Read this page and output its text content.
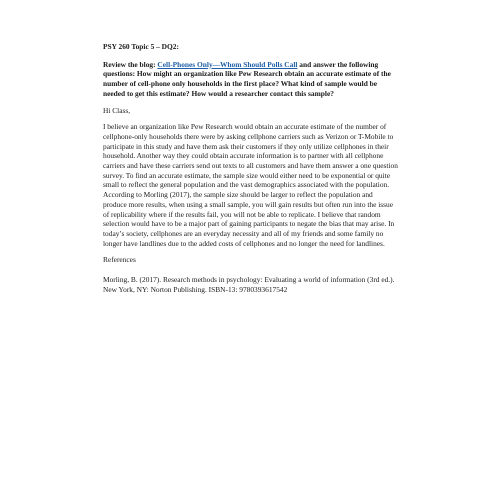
PSY 260 Topic 5 – DQ2:

Review the blog: Cell-Phones Only—Whom Should Polls Call and answer the following questions: How might an organization like Pew Research obtain an accurate estimate of the number of cell-phone only households in the first place? What kind of sample would be needed to get this estimate? How would a researcher contact this sample?

Hi Class,

I believe an organization like Pew Research would obtain an accurate estimate of the number of cellphone-only households there were by asking cellphone carriers such as Verizon or T-Mobile to participate in this study and have them ask their customers if they only utilize cellphones in their household. Another way they could obtain accurate information is to partner with all cellphone carriers and have these carriers send out texts to all customers and have them answer a one question survey. To find an accurate estimate, the sample size would either need to be exponential or quite small to reflect the general population and the vast demographics associated with the population. According to Morling (2017), the sample size should be larger to reflect the population and produce more results, when using a small sample, you will gain results but often run into the issue of replicability where if the results fail, you will not be able to replicate. I believe that random selection would have to be a major part of gaining participants to negate the bias that may arise. In today’s society, cellphones are an everyday necessity and all of my friends and some family no longer have landlines due to the added costs of cellphones and no longer the need for landlines.

References

Morling, B. (2017). Research methods in psychology: Evaluating a world of information (3rd ed.). New York, NY: Norton Publishing. ISBN-13: 9780393617542
